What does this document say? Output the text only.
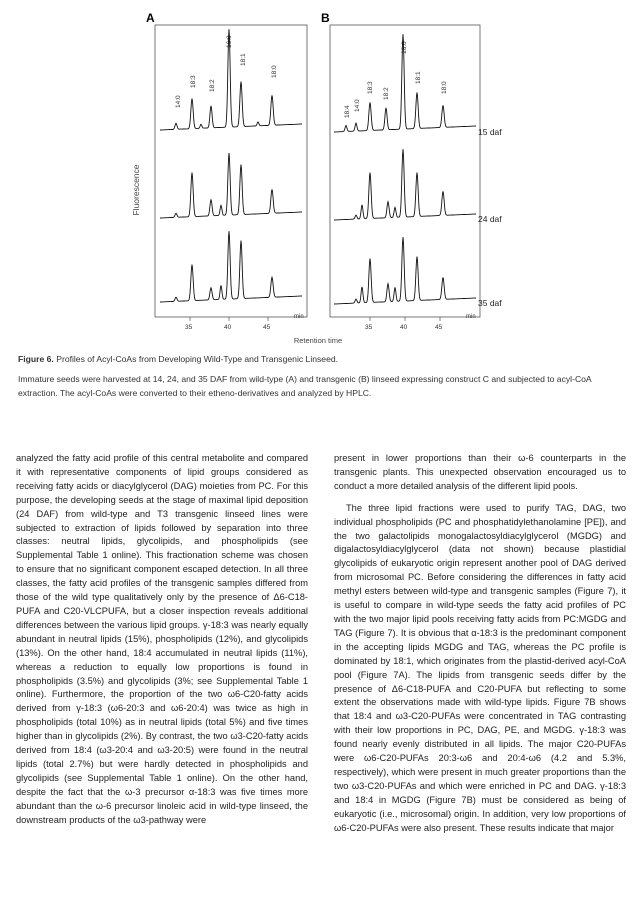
A	B
Fluorescence
14:0
18:3 18:2
16:0
18:1
18:0
18:4 14:0
18:3 18:2
16:0
18:1
18:0
15 daf
24 daf
35 daf
35	40	45
min
35	40	45
min
Retention time
Figure 6. Profiles of Acyl-CoAs from Developing Wild-Type and Transgenic Linseed.
Immature seeds were harvested at 14, 24, and 35 DAF from wild-type (A) and transgenic (B) linseed expressing construct C and subjected to acyl-CoA extraction. The acyl-CoAs were converted to their etheno-derivatives and analyzed by HPLC.

analyzed the fatty acid profile of this central metabolite and compared it with representative components of lipid groups considered as receiving fatty acids or diacylglycerol (DAG) moieties from PC. For this purpose, the developing seeds at the stage of maximal lipid deposition (24 DAF) from wild-type and T3 transgenic linseed lines were subjected to extraction of lipids followed by separation into three classes: neutral lipids, glycolipids, and phospholipids (see Supplemental Table 1 online). This fractionation scheme was chosen to ensure that no significant component escaped detection. In all three classes, the fatty acid profiles of the transgenic samples differed from those of the wild type qualitatively only by the presence of Δ6-C18-PUFA and C20-VLCPUFA, but a closer inspection reveals additional differences between the various lipid groups. γ-18:3 was nearly equally abundant in neutral lipids (15%), phospholipids (12%), and glycolipids (13%). On the other hand, 18:4 accumulated in neutral lipids (11%), whereas a reduction to equally low proportions is found in phospholipids (3.5%) and glycolipids (3%; see Supplemental Table 1 online). Furthermore, the proportion of the two ω6-C20-fatty acids derived from γ-18:3 (ω6-20:3 and ω6-20:4) was twice as high in phospholipids (total 10%) as in neutral lipids (total 5%) and five times higher than in glycolipids (2%). By contrast, the two ω3-C20-fatty acids derived from 18:4 (ω3-20:4 and ω3-20:5) were found in the neutral lipids (total 2.7%) but were hardly detected in phospholipids and glycolipids (see Supplemental Table 1 online). On the other hand, despite the fact that the ω-3 precursor α-18:3 was five times more abundant than the ω-6 precursor linoleic acid in wild-type linseed, the downstream products of the ω3-pathway were

present in lower proportions than their ω-6 counterparts in the transgenic plants. This unexpected observation encouraged us to conduct a more detailed analysis of the different lipid pools.

The three lipid fractions were used to purify TAG, DAG, two individual phospholipids (PC and phosphatidylethanolamine [PE]), and the two galactolipids monogalactosyldiacylglycerol (MGDG) and digalactosyldiacylglycerol (data not shown) because plastidial glycolipids of eukaryotic origin represent another pool of DAG derived from microsomal PC. Before considering the differences in fatty acid methyl esters between wild-type and transgenic samples (Figure 7), it is useful to compare in wild-type seeds the fatty acid profiles of PC with the two major lipid pools receiving fatty acids from PC:MGDG and TAG (Figure 7). It is obvious that α-18:3 is the predominant component in the accepting lipids MGDG and TAG, whereas the PC profile is dominated by 18:1, which originates from the plastid-derived acyl-CoA pool (Figure 7A). The lipids from transgenic seeds differ by the presence of Δ6-C18-PUFA and C20-PUFA but reflecting to some extent the observations made with wild-type lipids. Figure 7B shows that 18:4 and ω3-C20-PUFAs were concentrated in TAG contrasting with their low proportions in PC, DAG, PE, and MGDG. γ-18:3 was found nearly evenly distributed in all lipids. The major C20-PUFAs were ω6-C20-PUFAs 20:3-ω6 and 20:4-ω6 (4.2 and 5.3%, respectively), which were present in much greater proportions than the two ω3-C20-PUFAs and which were enriched in PC and DAG. γ-18:3 and 18:4 in MGDG (Figure 7B) must be considered as being of eukaryotic (i.e., microsomal) origin. In addition, very low proportions of ω6-C20-PUFAs were also present. These results indicate that major
